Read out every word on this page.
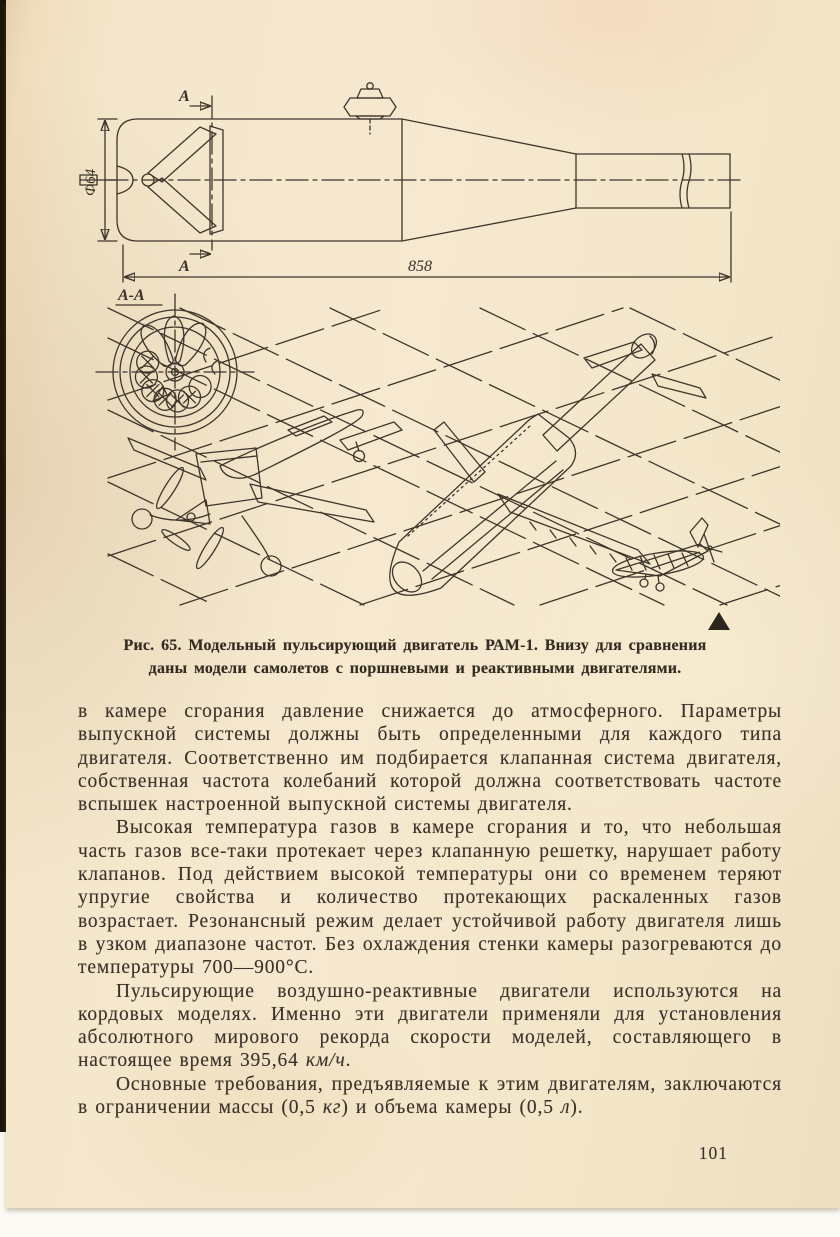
Ф64
А
А	858
А-А
Рис. 65. Модельный пульсирующий двигатель РАМ-1. Внизу для сравнения
даны модели самолетов с поршневыми и реактивными двигателями.

в камере сгорания давление снижается до атмосферного. Параметры выпускной системы должны быть определенными для каждого типа двигателя. Соответственно им подбирается клапанная система двигателя, собственная частота колебаний которой должна соответствовать частоте вспышек настроенной выпускной системы двигателя.

Высокая температура газов в камере сгорания и то, что небольшая часть газов все-таки протекает через клапанную решетку, нарушает работу клапанов. Под действием высокой температуры они со временем теряют упругие свойства и количество протекающих раскаленных газов возрастает. Резонансный режим делает устойчивой работу двигателя лишь в узком диапазоне частот. Без охлаждения стенки камеры разогреваются до температуры 700—900°С.

Пульсирующие воздушно-реактивные двигатели используются на кордовых моделях. Именно эти двигатели применяли для установления абсолютного мирового рекорда скорости моделей, составляющего в настоящее время 395,64 км/ч.

Основные требования, предъявляемые к этим двигателям, заключаются в ограничении массы (0,5 кг) и объема камеры (0,5 л).

101
